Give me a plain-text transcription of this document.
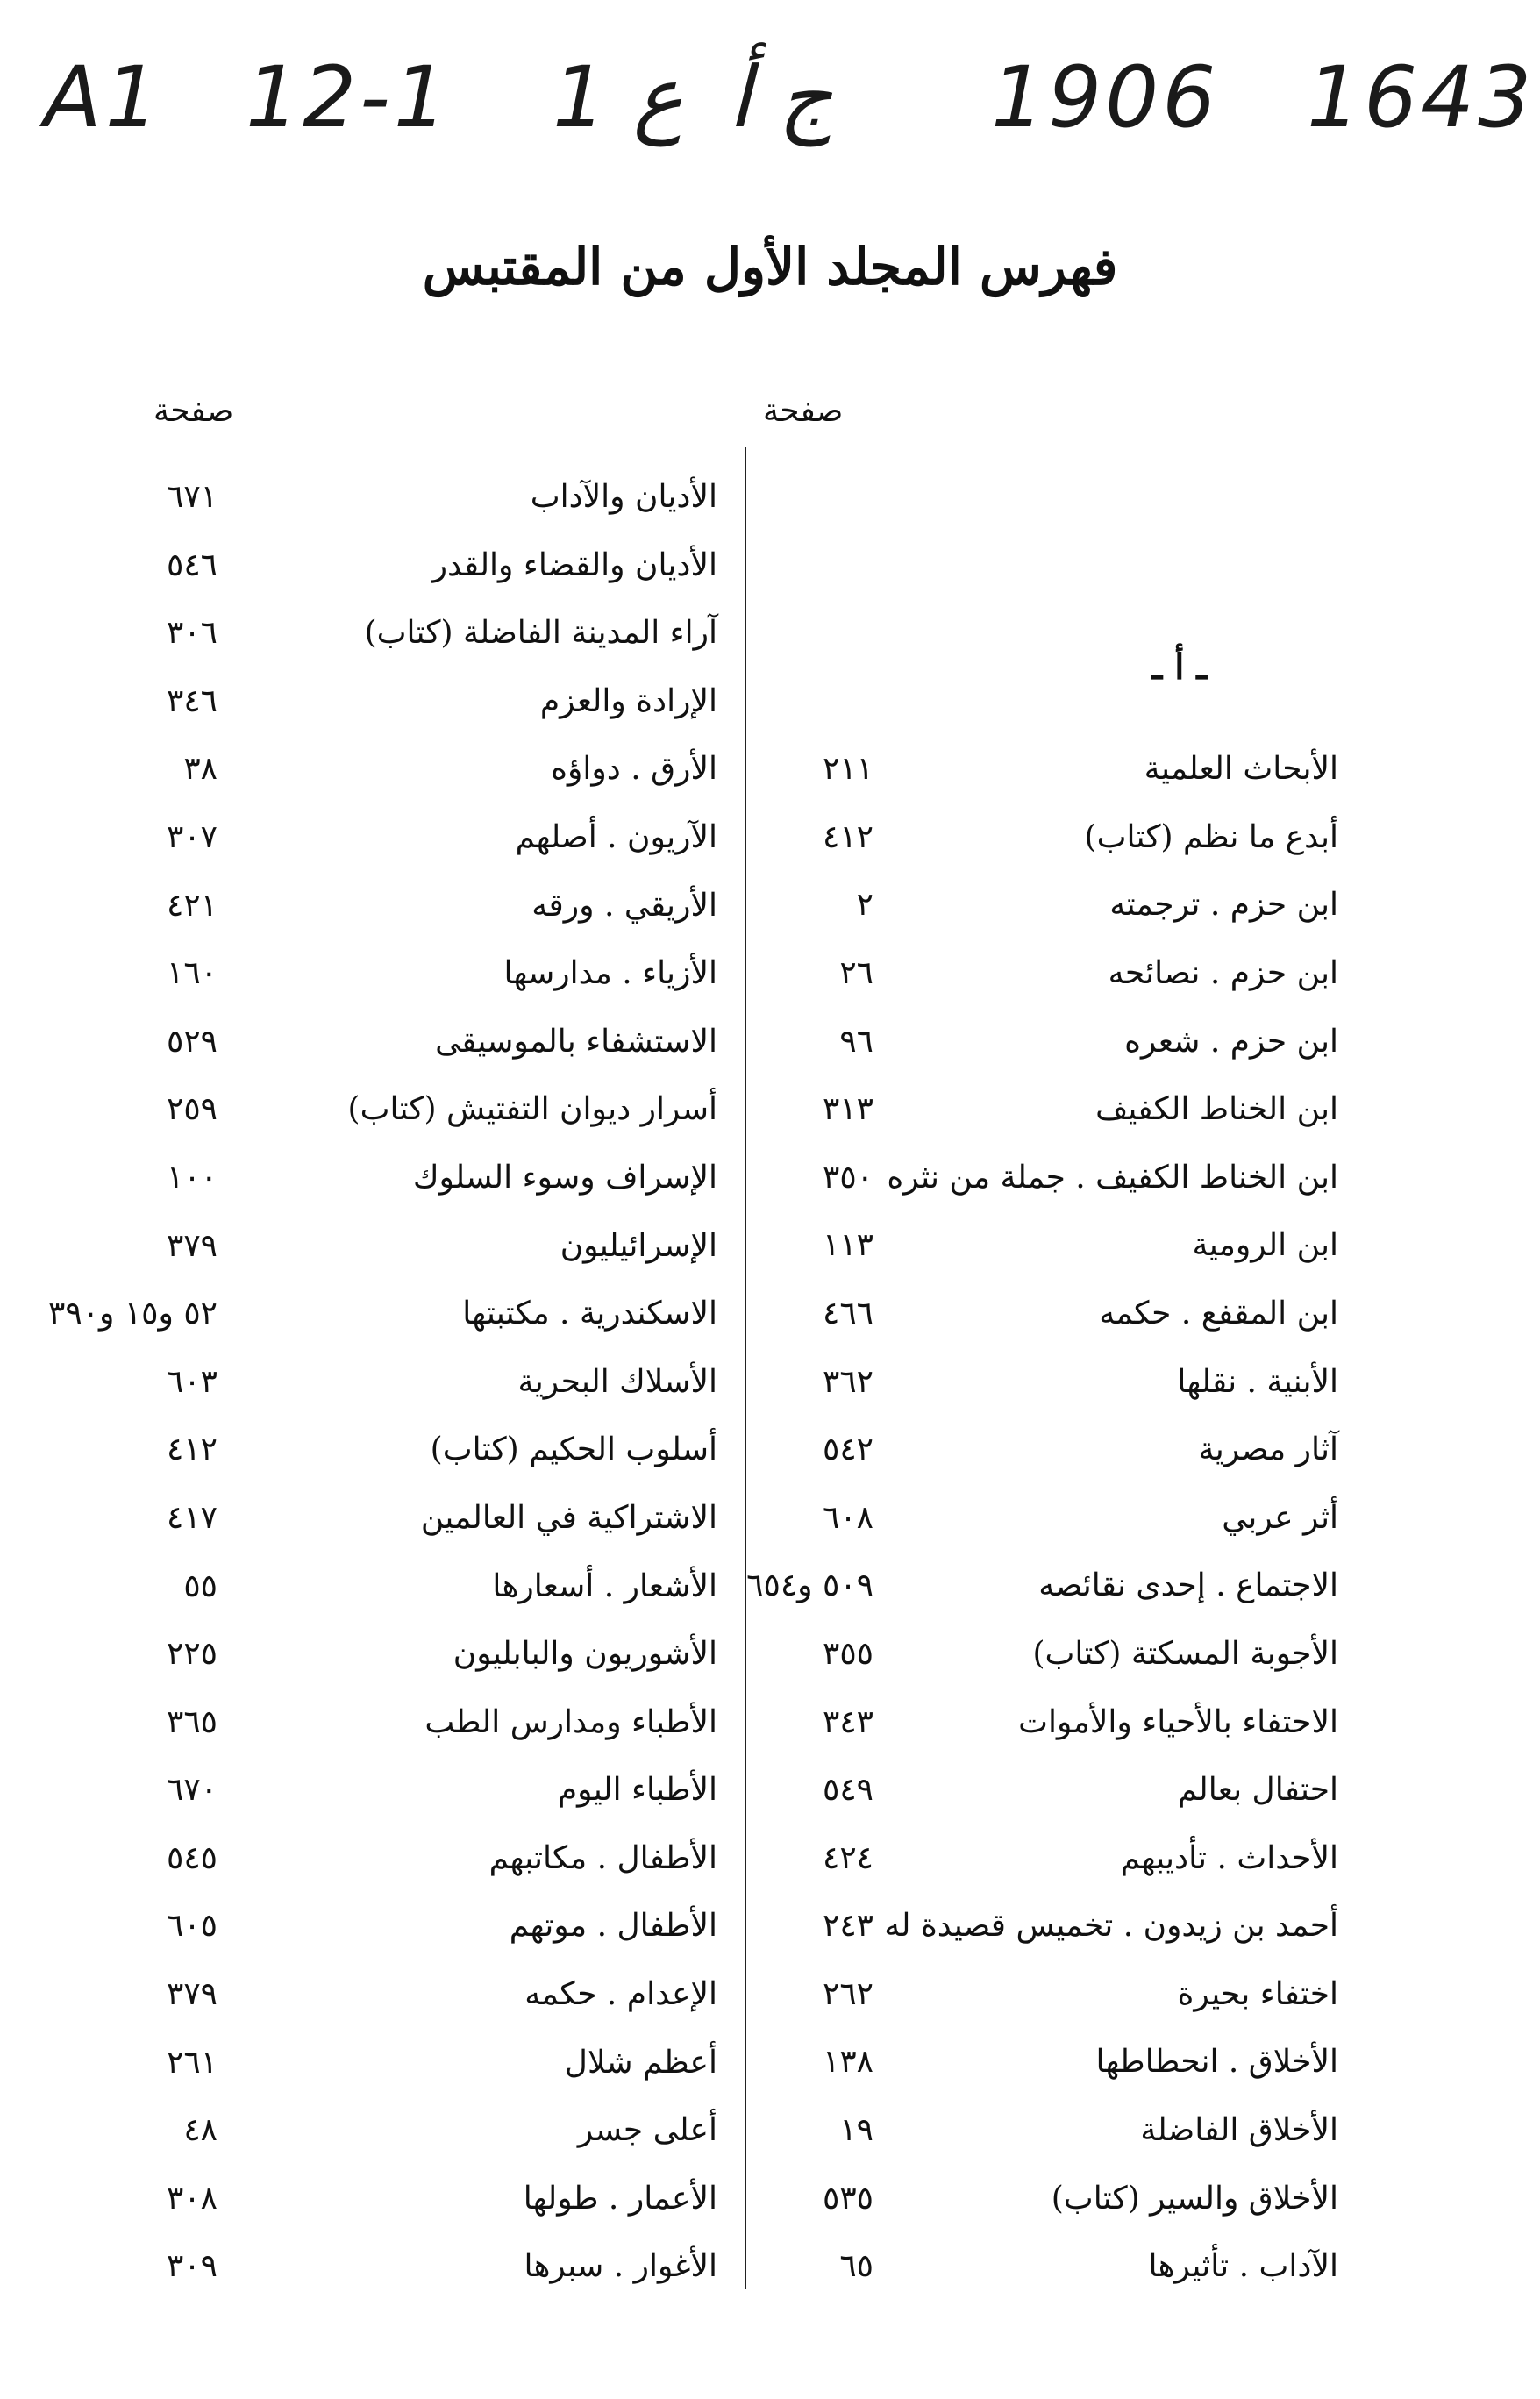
A1 12-1 ع 1 ج أ 1906 1643
فهرس المجلد الأول من المقتبس
صفحة	صفحة
ـ أ ـ
الأبحاث العلمية
٢١١
أبدع ما نظم (كتاب)
٤١٢
ابن حزم . ترجمته
٢
ابن حزم . نصائحه
٢٦
ابن حزم . شعره
٩٦
ابن الخناط الكفيف
٣١٣
ابن الخناط الكفيف . جملة من نثره
٣٥٠
ابن الرومية
١١٣
ابن المقفع . حكمه
٤٦٦
الأبنية . نقلها
٣٦٢
آثار مصرية
٥٤٢
أثر عربي
٦٠٨
الاجتماع . إحدى نقائصه
٥٠٩ و٦٥٤
الأجوبة المسكتة (كتاب)
٣٥٥
الاحتفاء بالأحياء والأموات
٣٤٣
احتفال بعالم
٥٤٩
الأحداث . تأديبهم
٤٢٤
أحمد بن زيدون . تخميس قصيدة له
٢٤٣
اختفاء بحيرة
٢٦٢
الأخلاق . انحطاطها
١٣٨
الأخلاق الفاضلة
١٩
الأخلاق والسير (كتاب)
٥٣٥
الآداب . تأثيرها
٦٥
الأديان والآداب
٦٧١
الأديان والقضاء والقدر
٥٤٦
آراء المدينة الفاضلة (كتاب)
٣٠٦
الإرادة والعزم
٣٤٦
الأرق . دواؤه
٣٨
الآريون . أصلهم
٣٠٧
الأريقي . ورقه
٤٢١
الأزياء . مدارسها
١٦٠
الاستشفاء بالموسيقى
٥٢٩
أسرار ديوان التفتيش (كتاب)
٢٥٩
الإسراف وسوء السلوك
١٠٠
الإسرائيليون
٣٧٩
الاسكندرية . مكتبتها
٥٢ و١٥ و٣٩٠
الأسلاك البحرية
٦٠٣
أسلوب الحكيم (كتاب)
٤١٢
الاشتراكية في العالمين
٤١٧
الأشعار . أسعارها
٥٥
الأشوريون والبابليون
٢٢٥
الأطباء ومدارس الطب
٣٦٥
الأطباء اليوم
٦٧٠
الأطفال . مكاتبهم
٥٤٥
الأطفال . موتهم
٦٠٥
الإعدام . حكمه
٣٧٩
أعظم شلال
٢٦١
أعلى جسر
٤٨
الأعمار . طولها
٣٠٨
الأغوار . سبرها
٣٠٩
